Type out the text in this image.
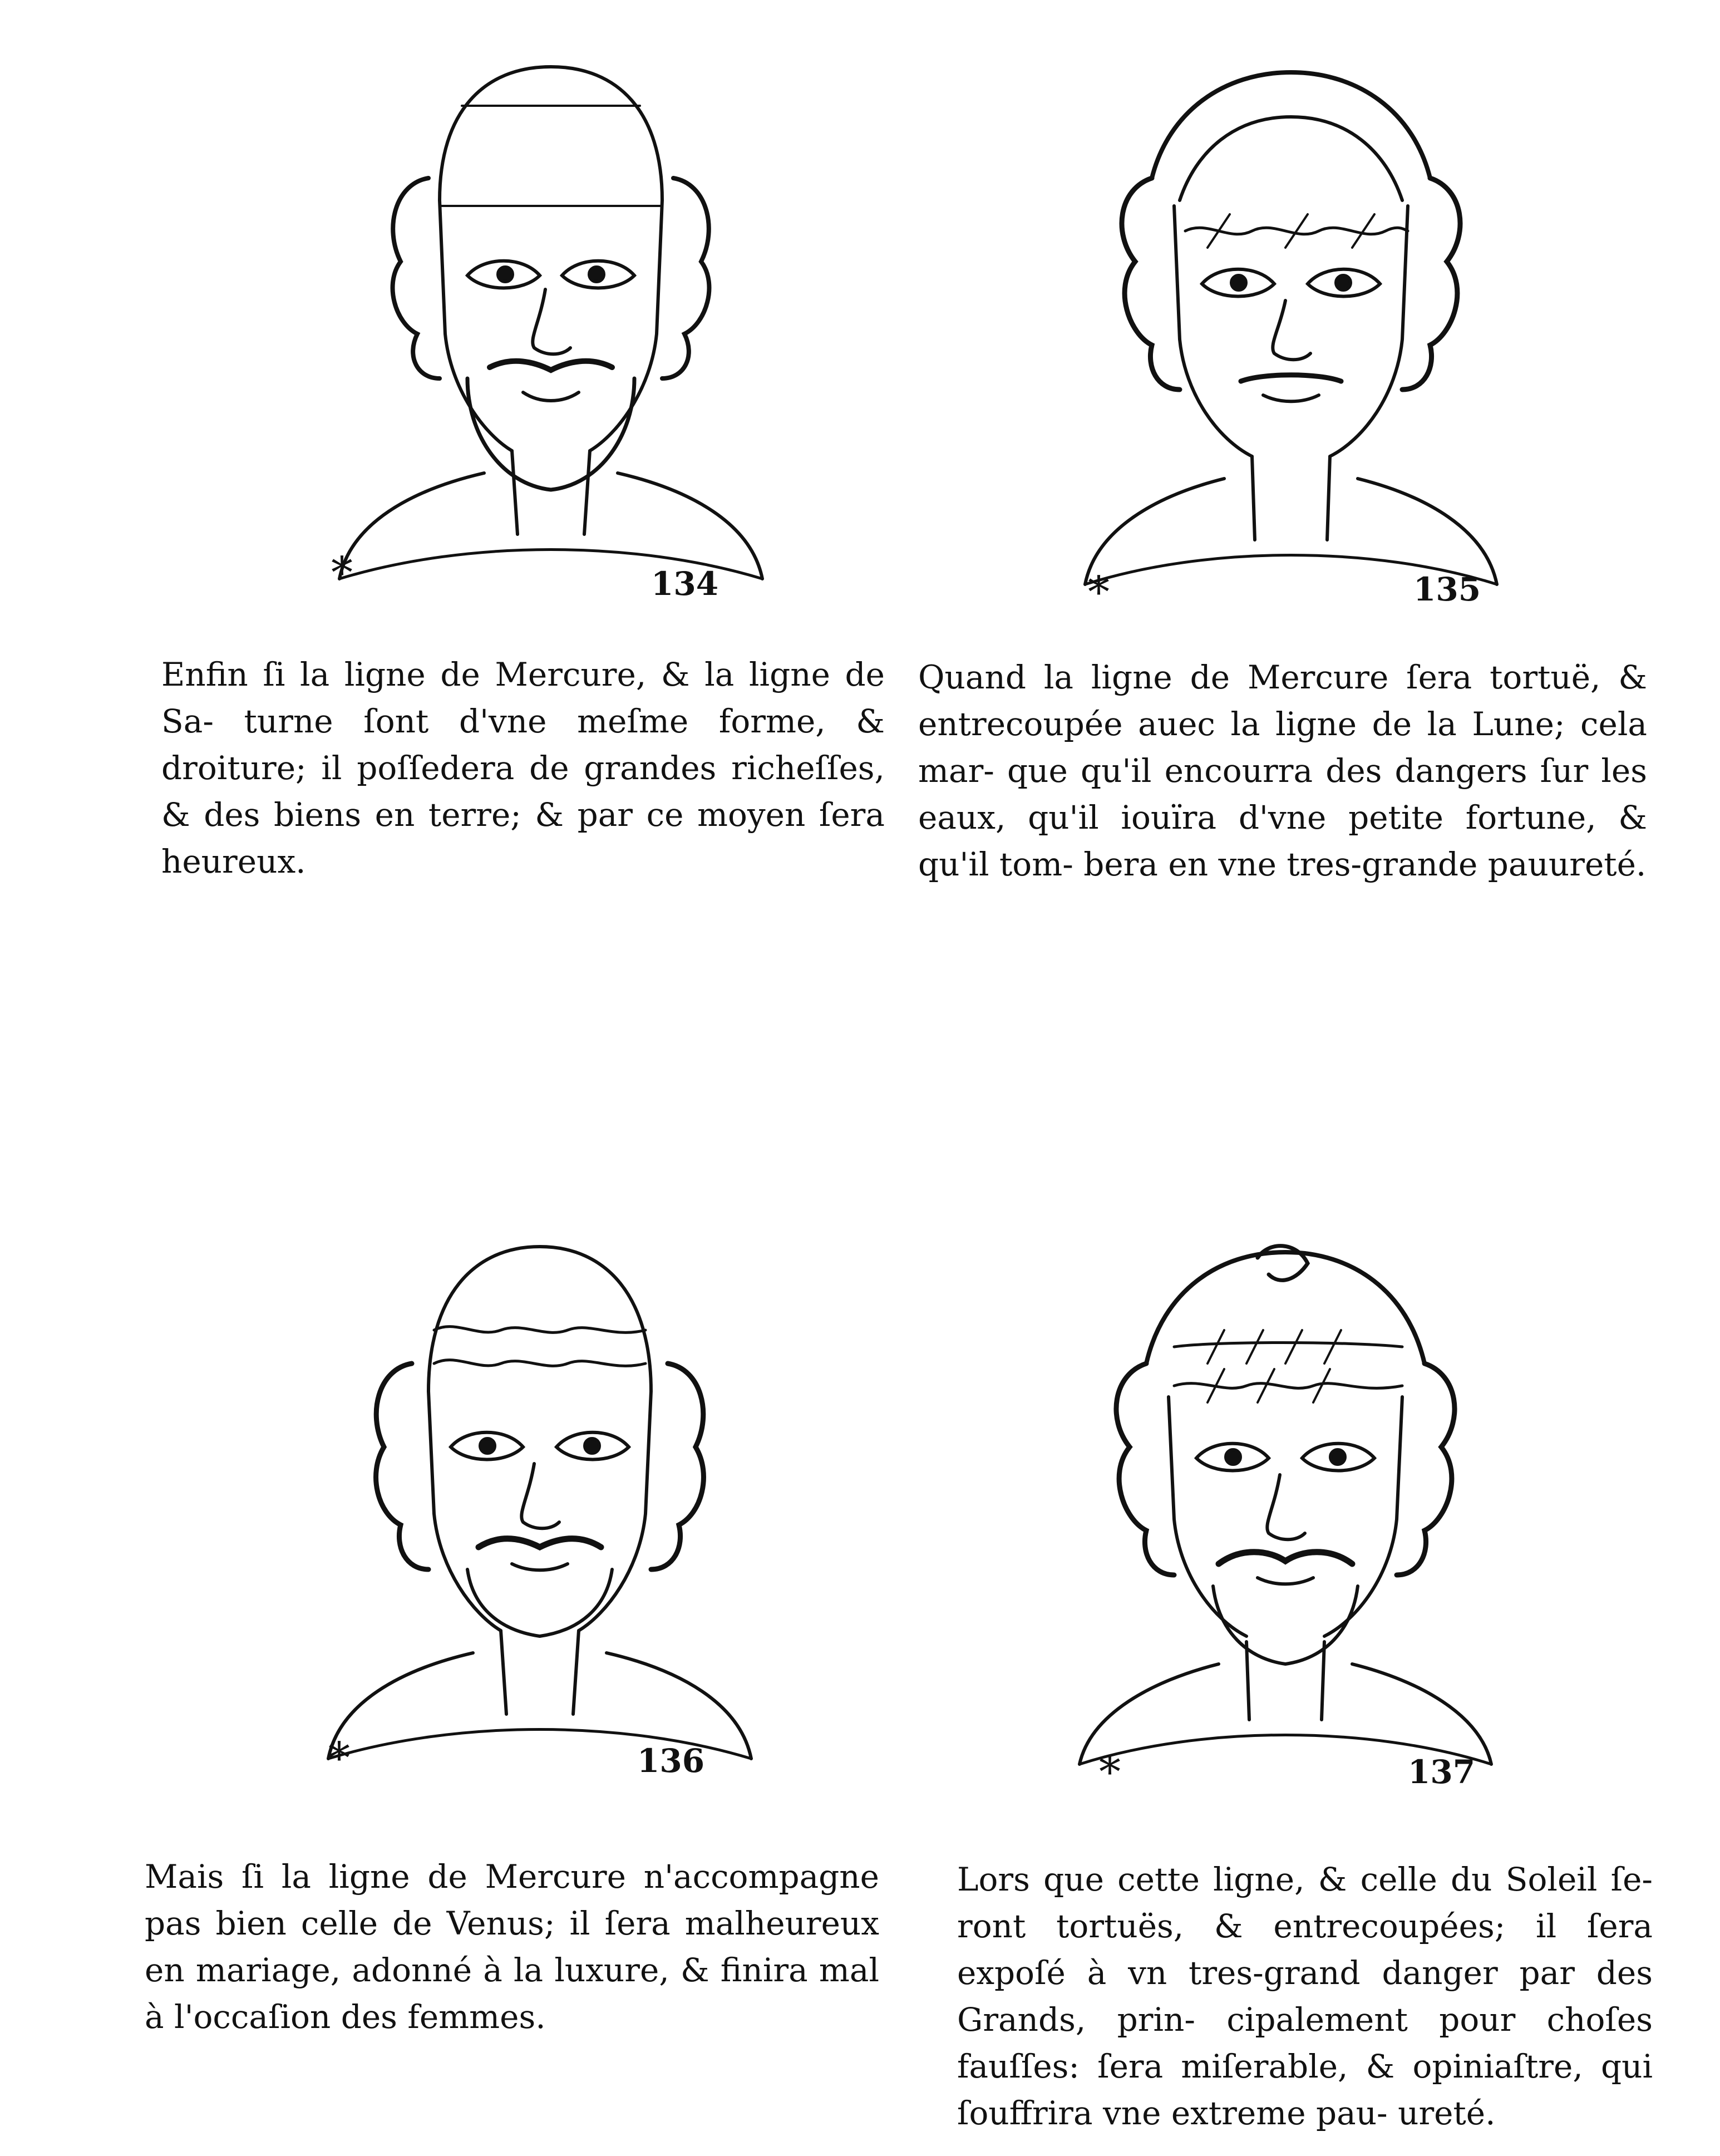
*	134	*	135
Enfin ſi la ligne de Mercure, & la ligne de Sa- turne ſont d'vne meſme forme, & droiture; il poſſedera de grandes richeſſes, & des biens en terre; & par ce moyen ſera heureux.
Quand la ligne de Mercure ſera tortuë, & entrecoupée auec la ligne de la Lune; cela mar- que qu'il encourra des dangers ſur les eaux, qu'il iouïra d'vne petite fortune, & qu'il tom- bera en vne tres-grande pauureté.
*	136	*	137
Mais ſi la ligne de Mercure n'accompagne pas bien celle de Venus; il ſera malheureux en mariage, adonné à la luxure, & finira mal à l'occaſion des femmes.
Lors que cette ligne, & celle du Soleil ſe- ront tortuës, & entrecoupées; il ſera expoſé à vn tres-grand danger par des Grands, prin- cipalement pour choſes fauſſes: ſera miſerable, & opiniaſtre, qui ſouffrira vne extreme pau- ureté.
